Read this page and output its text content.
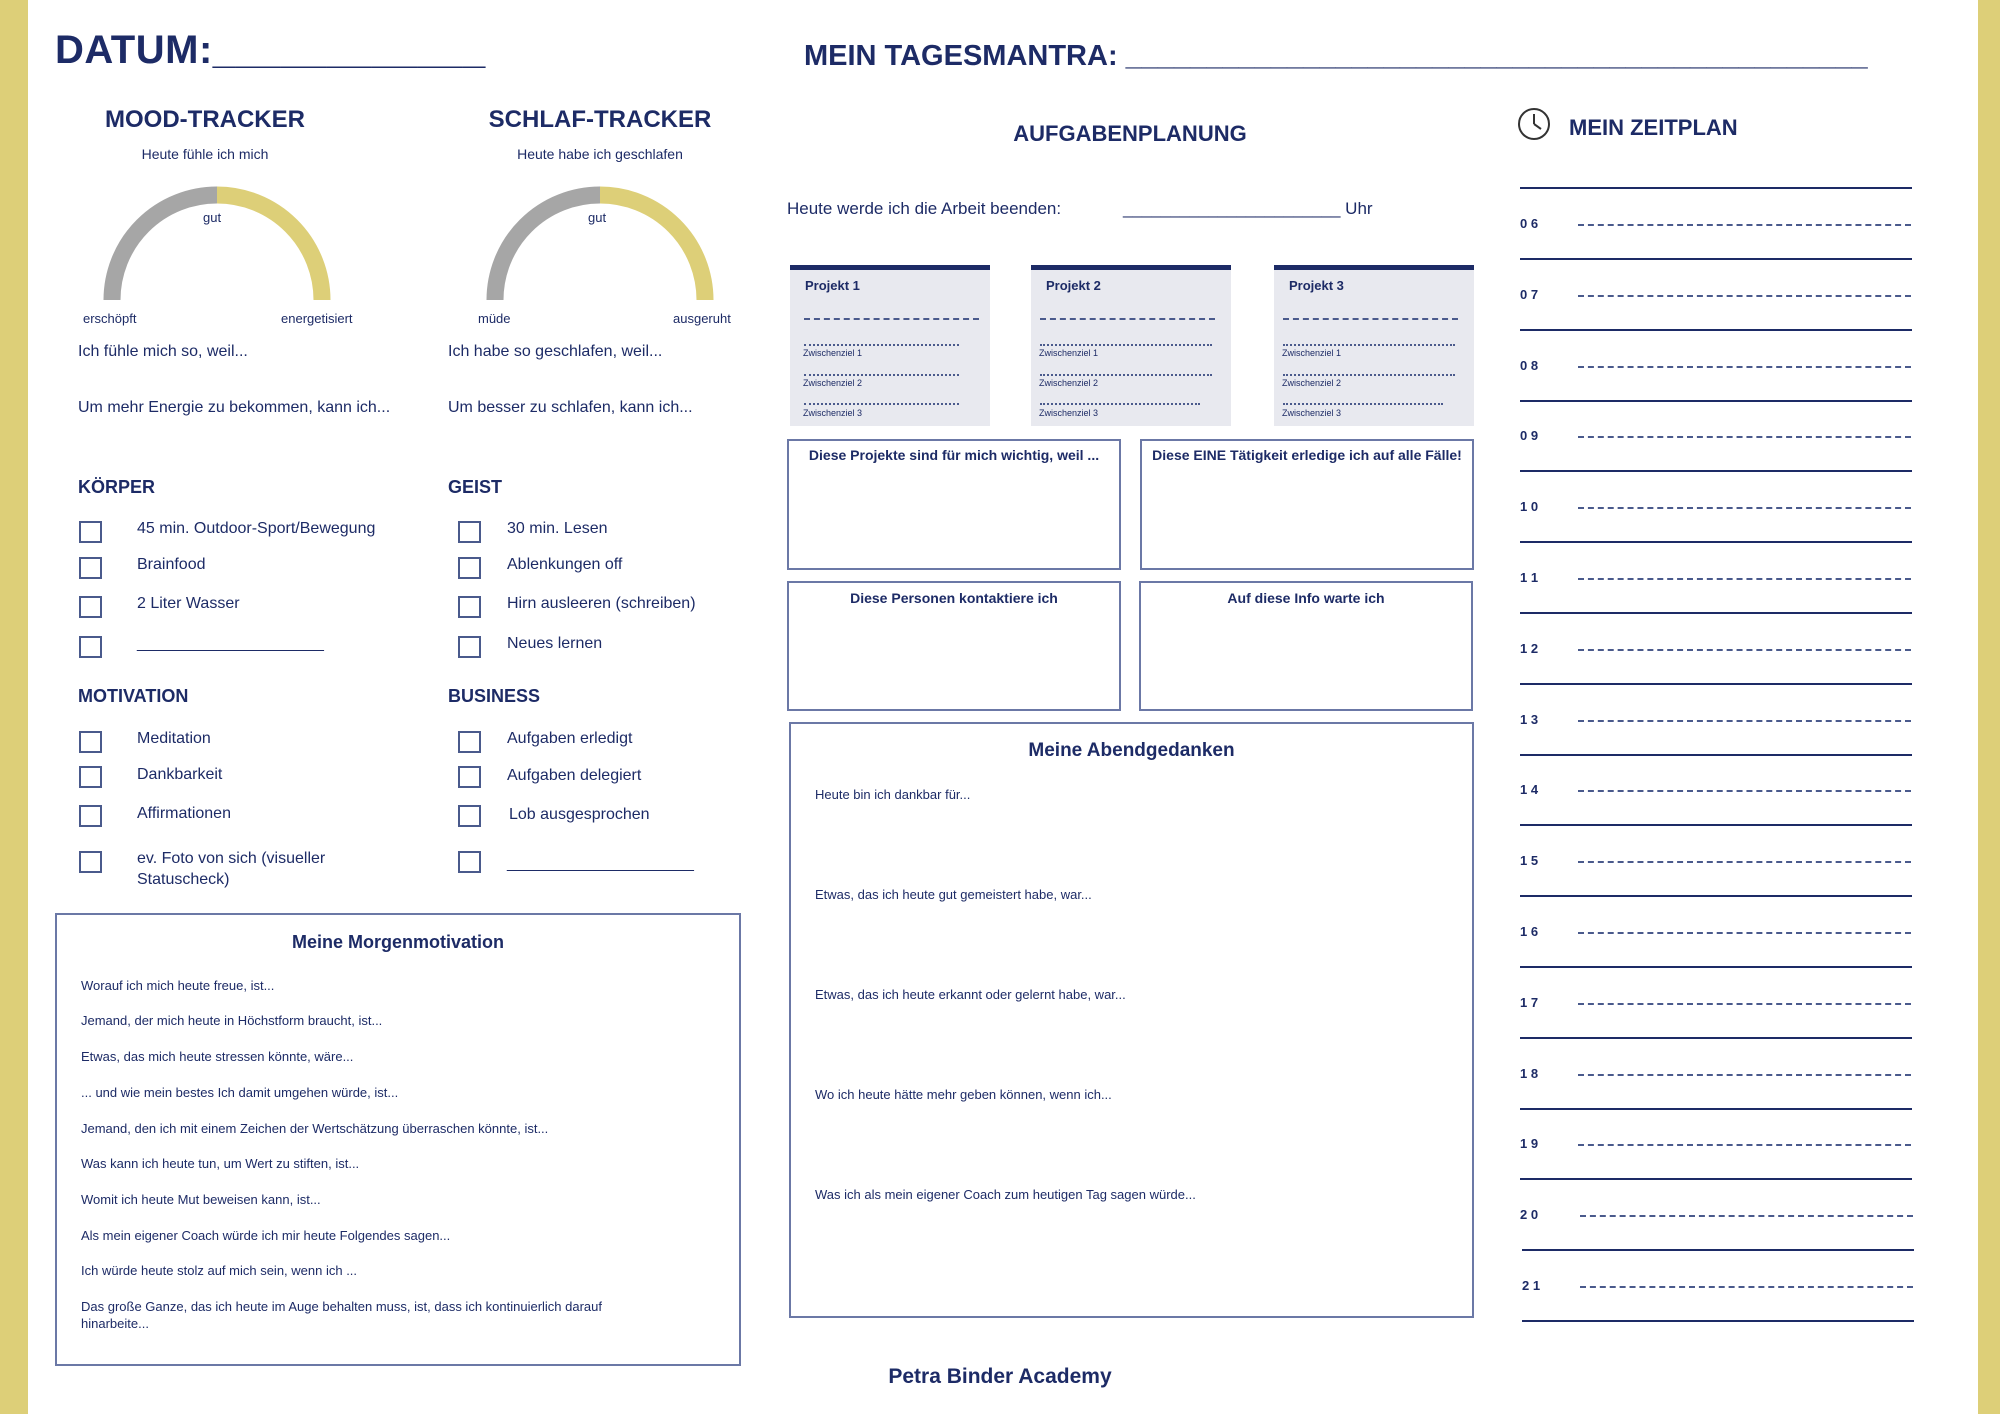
DATUM:____________	MEIN TAGESMANTRA: ______________________________________________
MOOD-TRACKER
Heute fühle ich mich
gut
erschöpft	energetisiert
Ich fühle mich so, weil...
Um mehr Energie zu bekommen, kann ich...
SCHLAF-TRACKER
Heute habe ich geschlafen
gut
müde	ausgeruht
Ich habe so geschlafen, weil...
Um besser zu schlafen, kann ich...
KÖRPER
45 min. Outdoor-Sport/Bewegung
Brainfood
2 Liter Wasser
_____________________
GEIST
30 min. Lesen
Ablenkungen off
Hirn ausleeren (schreiben)
Neues lernen
MOTIVATION
Meditation
Dankbarkeit
Affirmationen
ev. Foto von sich (visueller
Statuscheck)
BUSINESS
Aufgaben erledigt
Aufgaben delegiert
Lob ausgesprochen
_____________________
Meine Morgenmotivation
Worauf ich mich heute freue, ist...
Jemand, der mich heute in Höchstform braucht, ist...
Etwas, das mich heute stressen könnte, wäre...
... und wie mein bestes Ich damit umgehen würde, ist...
Jemand, den ich mit einem Zeichen der Wertschätzung überraschen könnte, ist...
Was kann ich heute tun, um Wert zu stiften, ist...
Womit ich heute Mut beweisen kann, ist...
Als mein eigener Coach würde ich mir heute Folgendes sagen...
Ich würde heute stolz auf mich sein, wenn ich ...
Das große Ganze, das ich heute im Auge behalten muss, ist, dass ich kontinuierlich darauf
hinarbeite...
AUFGABENPLANUNG
Heute werde ich die Arbeit beenden:	_______________________ Uhr
Projekt 1
Zwischenziel 1
Zwischenziel 2
Zwischenziel 3
Projekt 2
Zwischenziel 1
Zwischenziel 2
Zwischenziel 3
Projekt 3
Zwischenziel 1
Zwischenziel 2
Zwischenziel 3
Diese Projekte sind für mich wichtig, weil ...	Diese EINE Tätigkeit erledige ich auf alle Fälle!
Diese Personen kontaktiere ich	Auf diese Info warte ich
Meine Abendgedanken
Heute bin ich dankbar für...
Etwas, das ich heute gut gemeistert habe, war...
Etwas, das ich heute erkannt oder gelernt habe, war...
Wo ich heute hätte mehr geben können, wenn ich...
Was ich als mein eigener Coach zum heutigen Tag sagen würde...
MEIN ZEITPLAN
0 6
0 7
0 8
0 9
1 0
1 1
1 2
1 3
1 4
1 5
1 6
1 7
1 8
1 9
2 0
2 1
Petra Binder Academy
